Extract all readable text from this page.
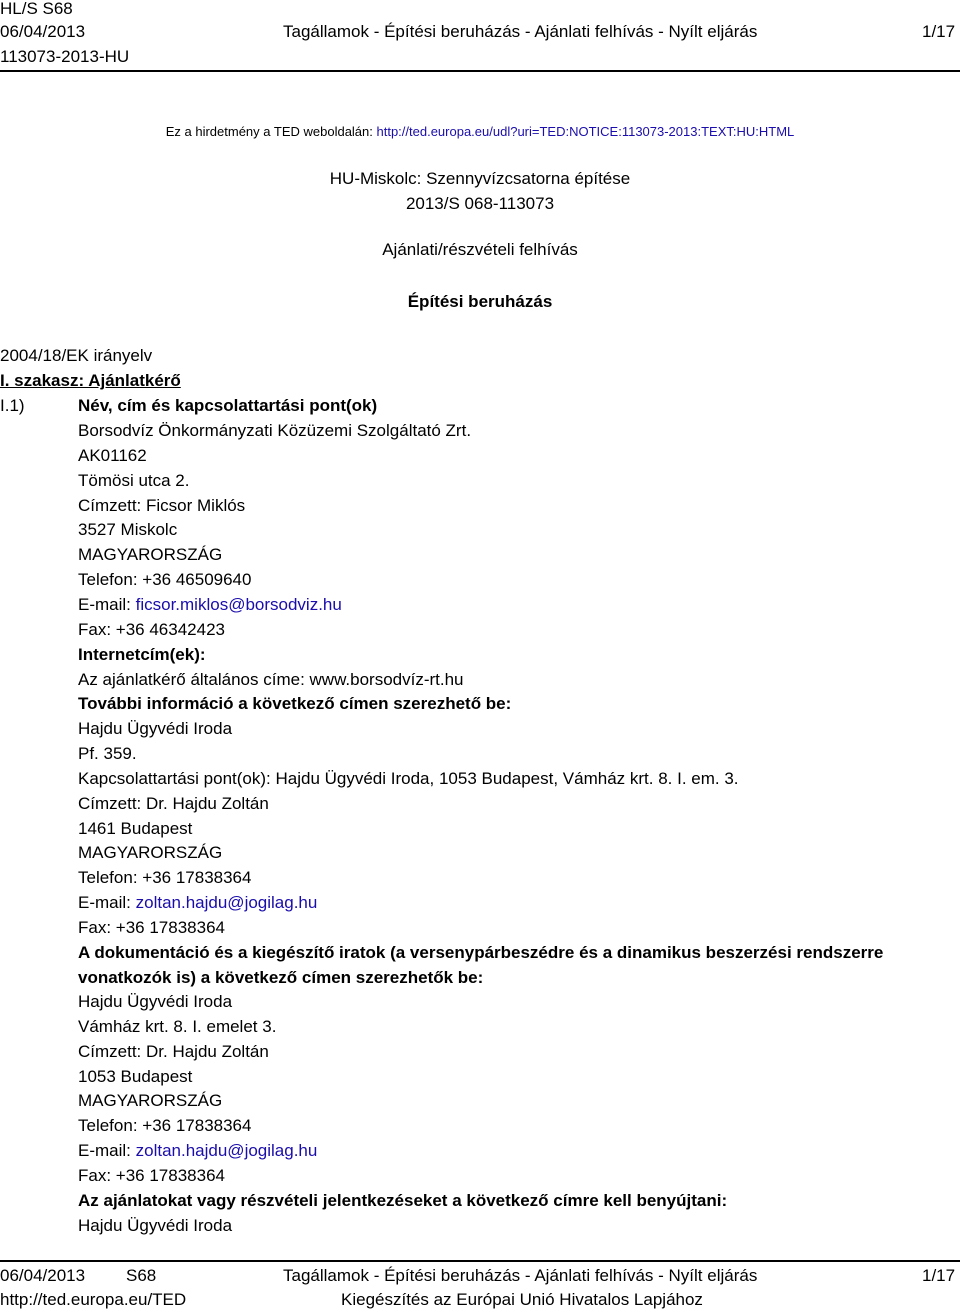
HL/S S68
06/04/2013
113073-2013-HU
Tagállamok - Építési beruházás - Ajánlati felhívás - Nyílt eljárás	1/17
Ez a hirdetmény a TED weboldalán: http://ted.europa.eu/udl?uri=TED:NOTICE:113073-2013:TEXT:HU:HTML
HU-Miskolc: Szennyvízcsatorna építése
2013/S 068-113073
Ajánlati/részvételi felhívás
Építési beruházás
2004/18/EK irányelv
I. szakasz: Ajánlatkérő
I.1)	Név, cím és kapcsolattartási pont(ok)
Borsodvíz Önkormányzati Közüzemi Szolgáltató Zrt.
AK01162
Tömösi utca 2.
Címzett: Ficsor Miklós
3527 Miskolc
MAGYARORSZÁG
Telefon: +36 46509640
E-mail: ficsor.miklos@borsodviz.hu
Fax: +36 46342423
Internetcím(ek):
Az ajánlatkérő általános címe: www.borsodvíz-rt.hu
További információ a következő címen szerezhető be:
Hajdu Ügyvédi Iroda
Pf. 359.
Kapcsolattartási pont(ok): Hajdu Ügyvédi Iroda, 1053 Budapest, Vámház krt. 8. I. em. 3.
Címzett: Dr. Hajdu Zoltán
1461 Budapest
MAGYARORSZÁG
Telefon: +36 17838364
E-mail: zoltan.hajdu@jogilag.hu
Fax: +36 17838364
A dokumentáció és a kiegészítő iratok (a versenypárbeszédre és a dinamikus beszerzési rendszerre
vonatkozók is) a következő címen szerezhetők be:
Hajdu Ügyvédi Iroda
Vámház krt. 8. I. emelet 3.
Címzett: Dr. Hajdu Zoltán
1053 Budapest
MAGYARORSZÁG
Telefon: +36 17838364
E-mail: zoltan.hajdu@jogilag.hu
Fax: +36 17838364
Az ajánlatokat vagy részvételi jelentkezéseket a következő címre kell benyújtani:
Hajdu Ügyvédi Iroda
06/04/2013 S68
http://ted.europa.eu/TED
Tagállamok - Építési beruházás - Ajánlati felhívás - Nyílt eljárás
Kiegészítés az Európai Unió Hivatalos Lapjához
1/17
